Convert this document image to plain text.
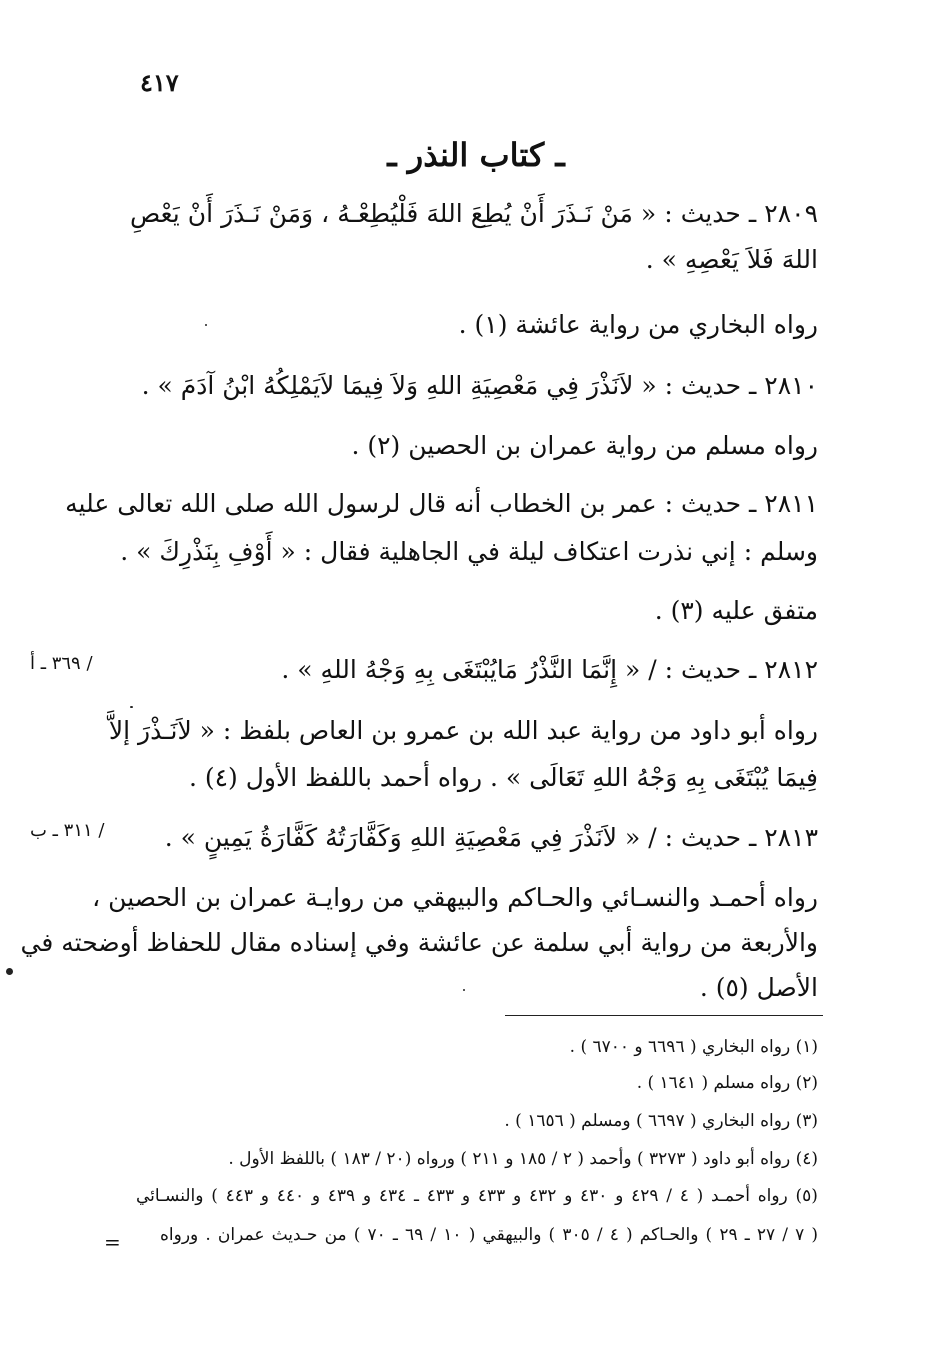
٤١٧
ـ كتاب النذر ـ
٢٨٠٩ ـ حديث : « مَنْ نَـذَرَ أَنْ يُطِعَ اللهَ فَلْيُطِعْـهُ ، وَمَنْ نَـذَرَ أَنْ يَعْصِ
اللهَ فَلاَ يَعْصِهِ » .
رواه البخاري من رواية عائشة (١) .
٢٨١٠ ـ حديث : « لاَنَذْرَ فِي مَعْصِيَةِ اللهِ وَلاَ فِيمَا لاَيَمْلِكُهُ ابْنُ آدَمَ » .
رواه مسلم من رواية عمران بن الحصين (٢) .
٢٨١١ ـ حديث : عمر بن الخطاب أنه قال لرسول الله صلى الله تعالى عليه
وسلم : إني نذرت اعتكاف ليلة في الجاهلية فقال : « أَوْفِ بِنَذْرِكَ » .
متفق عليه (٣) .
٢٨١٢ ـ حديث : / « إِنَّمَا النَّذْرُ مَايُبْتَغَى بِهِ وَجْهُ اللهِ » .
رواه أبو داود من رواية عبد الله بن عمرو بن العاص بلفظ : « لاَنَـذْرَ إلاَّ
فِيمَا يُبْتَغَى بِهِ وَجْهُ اللهِ تَعَالَى » . رواه أحمد باللفظ الأول (٤) .
٢٨١٣ ـ حديث : / « لاَنَذْرَ فِي مَعْصِيَةِ اللهِ وَكَفَّارَتُهُ كَفَّارَةُ يَمِينٍ » .
رواه أحمـد والنسـائي والحـاكم والبيهقي من روايـة عمران بن الحصين ،
والأربعة من رواية أبي سلمة عن عائشة وفي إسناده مقال للحفاظ أوضحته في
الأصل (٥) .
/ ٣٦٩ ـ أ
/ ٣١١ ـ ب
(١) رواه البخاري ( ٦٦٩٦ و ٦٧٠٠ ) .
(٢) رواه مسلم ( ١٦٤١ ) .
(٣) رواه البخاري ( ٦٦٩٧ ) ومسلم ( ١٦٥٦ ) .
(٤) رواه أبو داود ( ٣٢٧٣ ) وأحمد ( ٢ / ١٨٥ و ٢١١ ) ورواه (٢٠ / ١٨٣ ) باللفظ الأول .
(٥) رواه أحمـد ( ٤ / ٤٢٩ و ٤٣٠ و ٤٣٢ و ٤٣٣ و ٤٣٣ ـ ٤٣٤ و ٤٣٩ و ٤٤٠ و ٤٤٣ ) والنسـائي
( ٧ / ٢٧ ـ ٢٩ ) والحـاكم ( ٤ / ٣٠٥ ) والبيهقي ( ١٠ / ٦٩ ـ ٧٠ ) من حـديث عمران . ورواه
=
